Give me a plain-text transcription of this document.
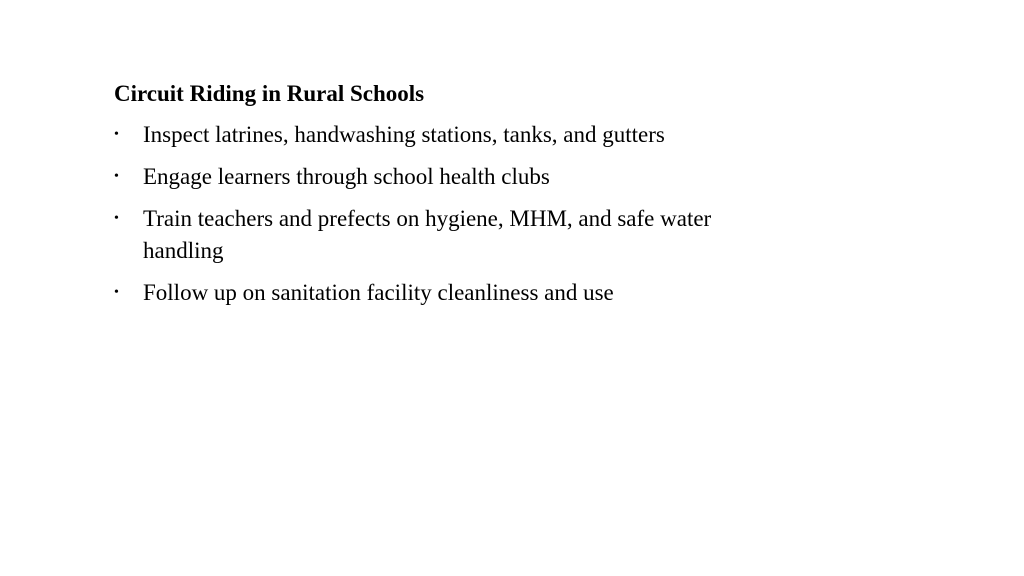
Circuit Riding in Rural Schools
•	Inspect latrines, handwashing stations, tanks, and gutters
•	Engage learners through school health clubs
•	Train teachers and prefects on hygiene, MHM, and safe water handling
•	Follow up on sanitation facility cleanliness and use
